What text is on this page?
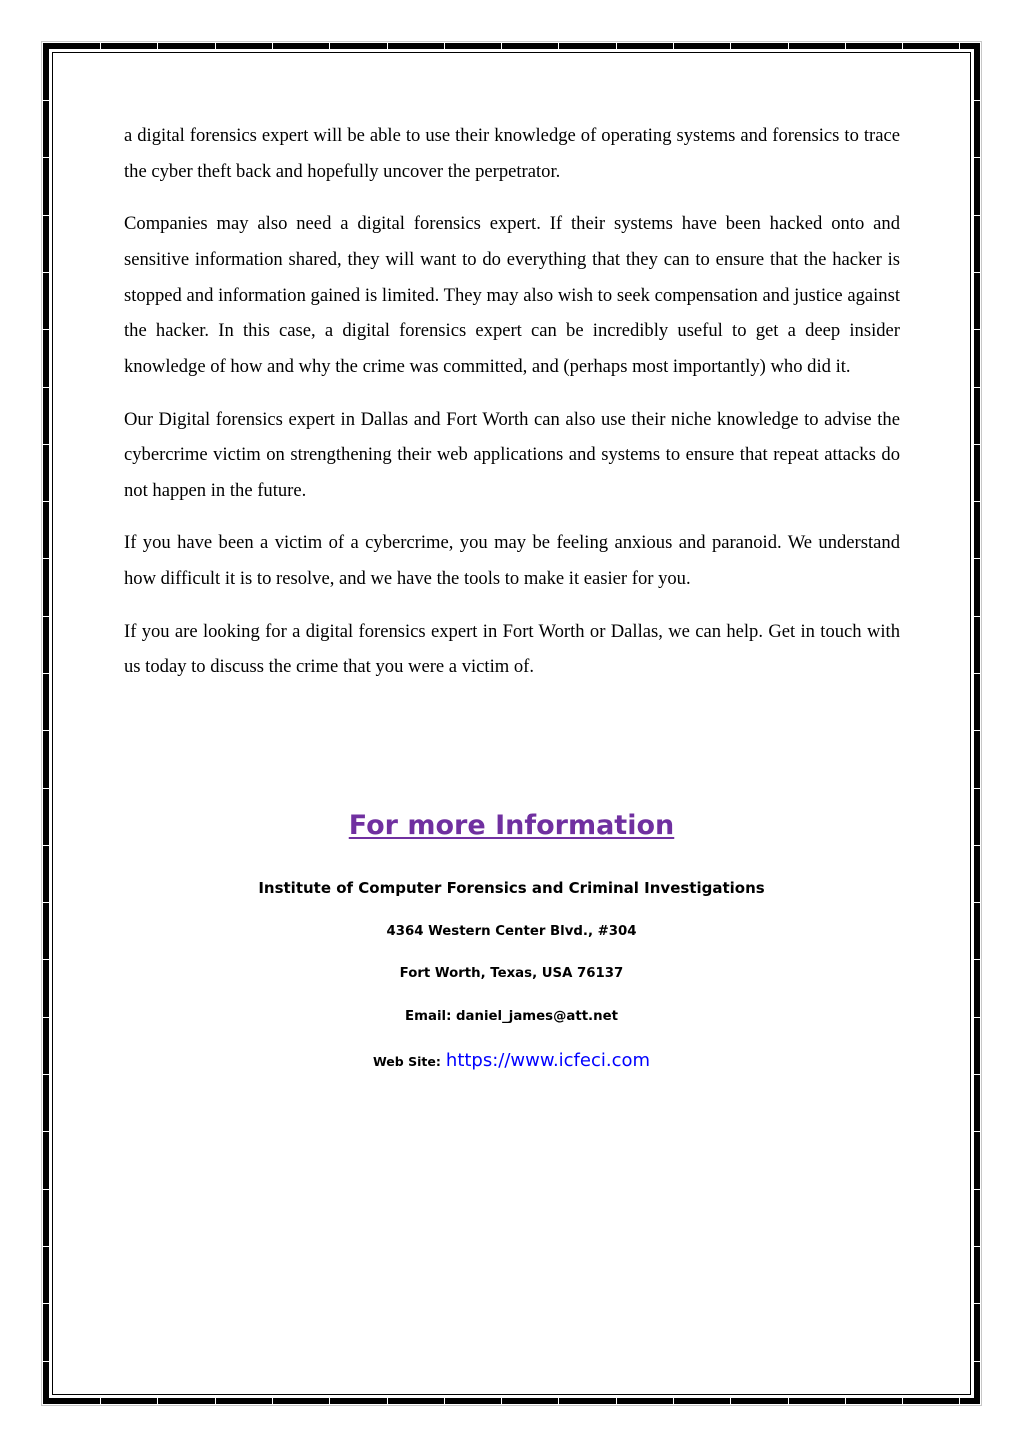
a digital forensics expert will be able to use their knowledge of operating systems and forensics to trace the cyber theft back and hopefully uncover the perpetrator.

Companies may also need a digital forensics expert. If their systems have been hacked onto and sensitive information shared, they will want to do everything that they can to ensure that the hacker is stopped and information gained is limited. They may also wish to seek compensation and justice against the hacker. In this case, a digital forensics expert can be incredibly useful to get a deep insider knowledge of how and why the crime was committed, and (perhaps most importantly) who did it.

Our Digital forensics expert in Dallas and Fort Worth can also use their niche knowledge to advise the cybercrime victim on strengthening their web applications and systems to ensure that repeat attacks do not happen in the future.

If you have been a victim of a cybercrime, you may be feeling anxious and paranoid. We understand how difficult it is to resolve, and we have the tools to make it easier for you.

If you are looking for a digital forensics expert in Fort Worth or Dallas, we can help. Get in touch with us today to discuss the crime that you were a victim of.

For more Information
Institute of Computer Forensics and Criminal Investigations
4364 Western Center Blvd., #304
Fort Worth, Texas, USA 76137
Email: daniel_james@att.net
Web Site: https://www.icfeci.com
